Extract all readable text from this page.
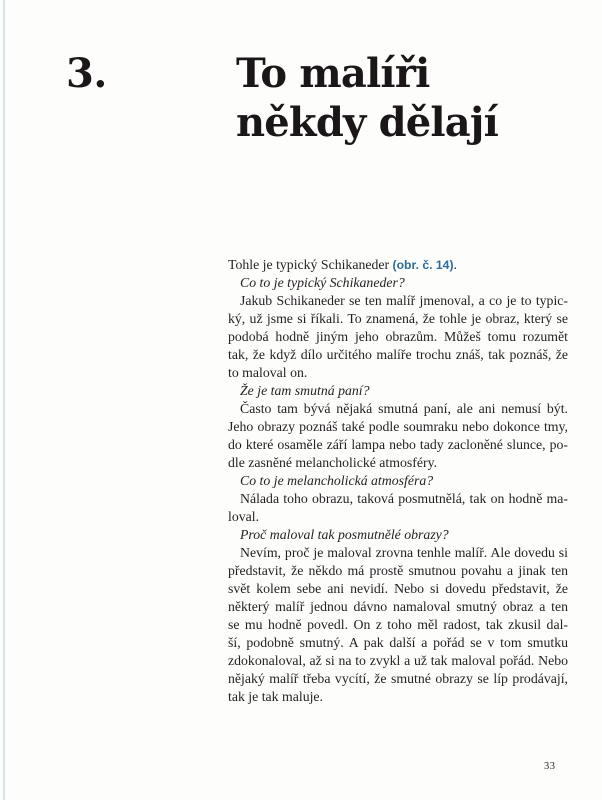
3.	To malíři
někdy dělají
Tohle je typický Schikaneder (obr. č. 14).
Co to je typický Schikaneder?
Jakub Schikaneder se ten malíř jmenoval, a co je to typic-
ký, už jsme si říkali. To znamená, že tohle je obraz, který se
podobá hodně jiným jeho obrazům. Můžeš tomu rozumět
tak, že když dílo určitého malíře trochu znáš, tak poznáš, že
to maloval on.
Že je tam smutná paní?
Často tam bývá nějaká smutná paní, ale ani nemusí být.
Jeho obrazy poznáš také podle soumraku nebo dokonce tmy,
do které osaměle září lampa nebo tady zacloněné slunce, po-
dle zasněné melancholické atmosféry.
Co to je melancholická atmosféra?
Nálada toho obrazu, taková posmutnělá, tak on hodně ma-
loval.
Proč maloval tak posmutnělé obrazy?
Nevím, proč je maloval zrovna tenhle malíř. Ale dovedu si
představit, že někdo má prostě smutnou povahu a jinak ten
svět kolem sebe ani nevidí. Nebo si dovedu představit, že
některý malíř jednou dávno namaloval smutný obraz a ten
se mu hodně povedl. On z toho měl radost, tak zkusil dal-
ší, podobně smutný. A pak další a pořád se v tom smutku
zdokonaloval, až si na to zvykl a už tak maloval pořád. Nebo
nějaký malíř třeba vycítí, že smutné obrazy se líp prodávají,
tak je tak maluje.
33
